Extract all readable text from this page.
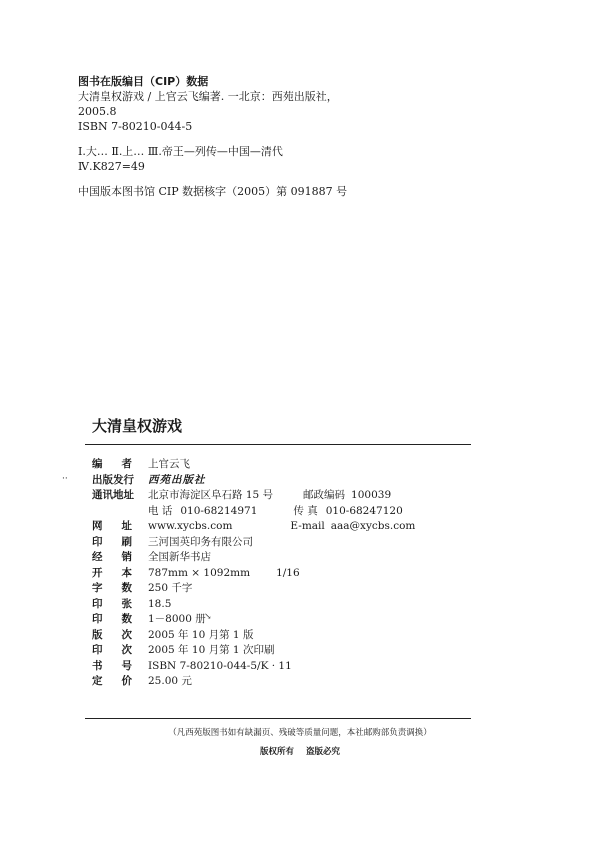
图书在版编目（CIP）数据
大清皇权游戏 / 上官云飞编著. 一北京：西苑出版社，
2005.8
ISBN 7-80210-044-5
Ⅰ.大… Ⅱ.上… Ⅲ.帝王—列传—中国—清代
Ⅳ.K827=49
中国版本图书馆 CIP 数据核字（2005）第 091887 号
大清皇权游戏
··
↘
编 者 上官云飞
出版发行	西苑出版社
通讯地址	北京市海淀区阜石路 15 号	邮政编码 100039
电 话 010-68214971	传 真 010-68247120
网 址 www.xycbs.com	E-mail aaa@xycbs.com
印 刷 三河国英印务有限公司
经 销 全国新华书店
开 本 787mm × 1092mm 1/16
字 数 250 千字
印 张 18.5
印 数 1－8000 册
版 次 2005 年 10 月第 1 版
印 次 2005 年 10 月第 1 次印刷
书 号 ISBN 7-80210-044-5/K · 11
定 价 25.00 元
（凡西苑版图书如有缺漏页、残破等质量问题，本社邮购部负责调换）
版权所有 盗版必究
